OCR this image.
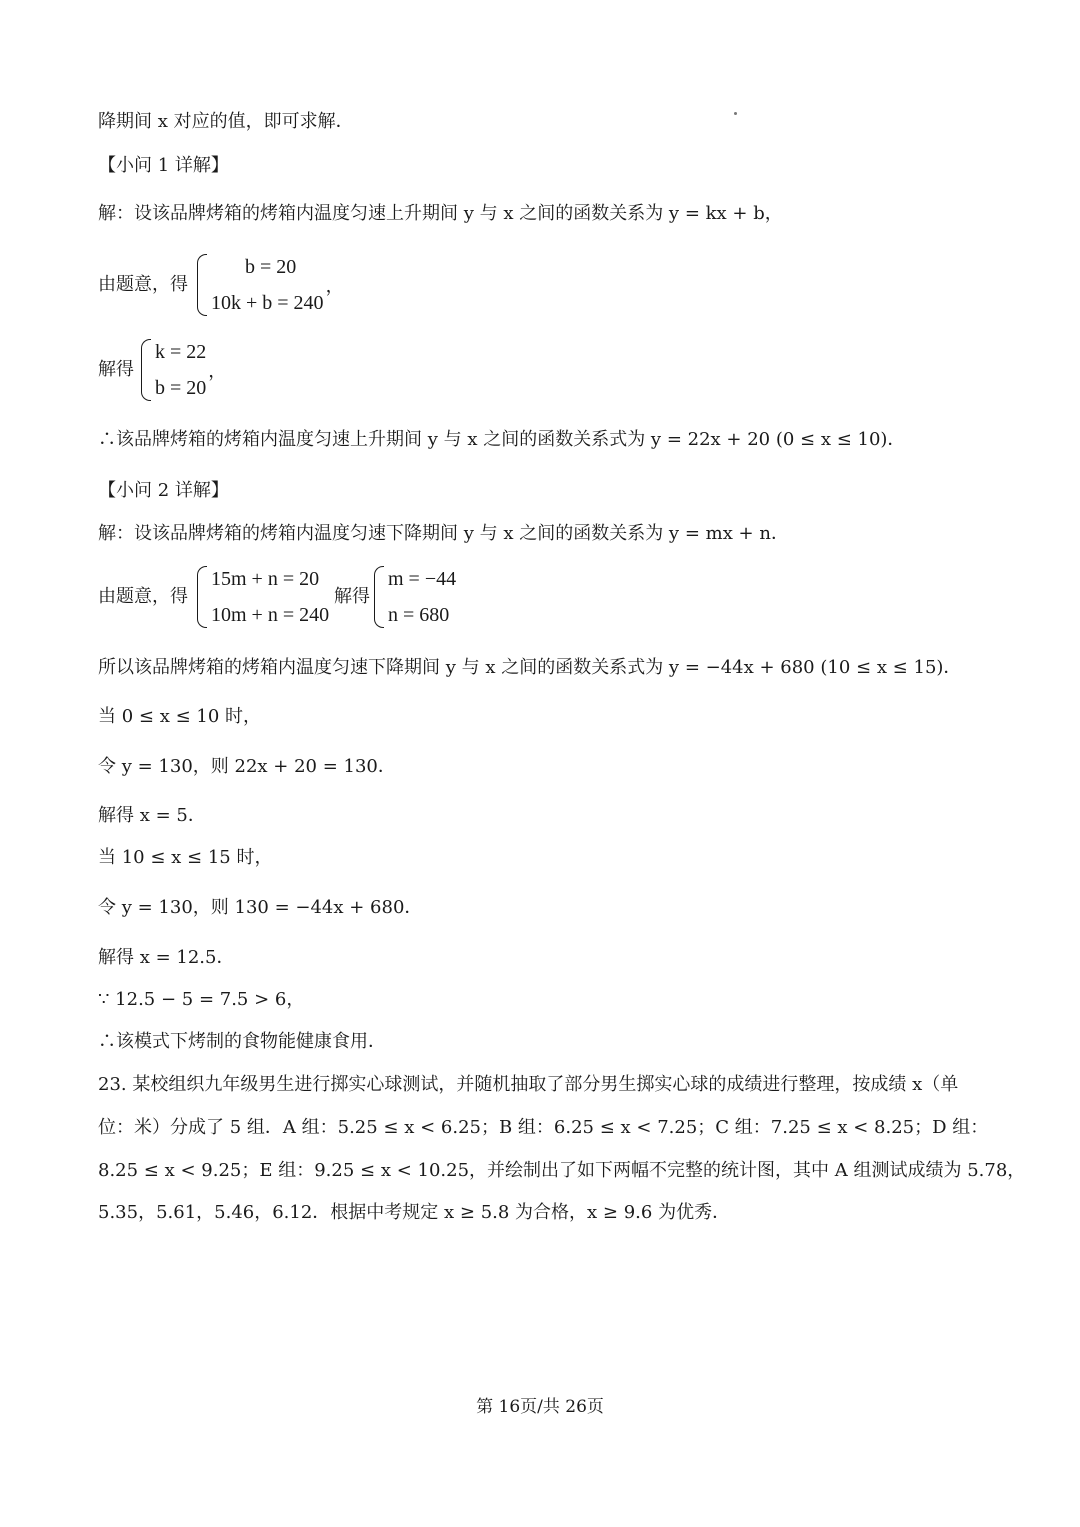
降期间 x 对应的值，即可求解．
【小问 1 详解】
解：设该品牌烤箱的烤箱内温度匀速上升期间 y 与 x 之间的函数关系为 y = kx + b，
由题意，得
b = 20
10k + b = 240
，
解得
k = 22
b = 20
，
∴该品牌烤箱的烤箱内温度匀速上升期间 y 与 x 之间的函数关系式为 y = 22x + 20 (0 ≤ x ≤ 10)．
【小问 2 详解】
解：设该品牌烤箱的烤箱内温度匀速下降期间 y 与 x 之间的函数关系为 y = mx + n．
由题意，得
15m + n = 20
10m + n = 240
解得
m = −44
n = 680
所以该品牌烤箱的烤箱内温度匀速下降期间 y 与 x 之间的函数关系式为 y = −44x + 680 (10 ≤ x ≤ 15)．
当 0 ≤ x ≤ 10 时，
令 y = 130，则 22x + 20 = 130．
解得 x = 5．
当 10 ≤ x ≤ 15 时，
令 y = 130，则 130 = −44x + 680．
解得 x = 12.5．
∵ 12.5 − 5 = 7.5 > 6，
∴该模式下烤制的食物能健康食用．
23. 某校组织九年级男生进行掷实心球测试，并随机抽取了部分男生掷实心球的成绩进行整理，按成绩 x（单
位：米）分成了 5 组．A 组：5.25 ≤ x < 6.25；B 组：6.25 ≤ x < 7.25；C 组：7.25 ≤ x < 8.25；D 组：
8.25 ≤ x < 9.25；E 组：9.25 ≤ x < 10.25，并绘制出了如下两幅不完整的统计图，其中 A 组测试成绩为 5.78，
5.35，5.61，5.46，6.12．根据中考规定 x ≥ 5.8 为合格，x ≥ 9.6 为优秀．
第 16页/共 26页
